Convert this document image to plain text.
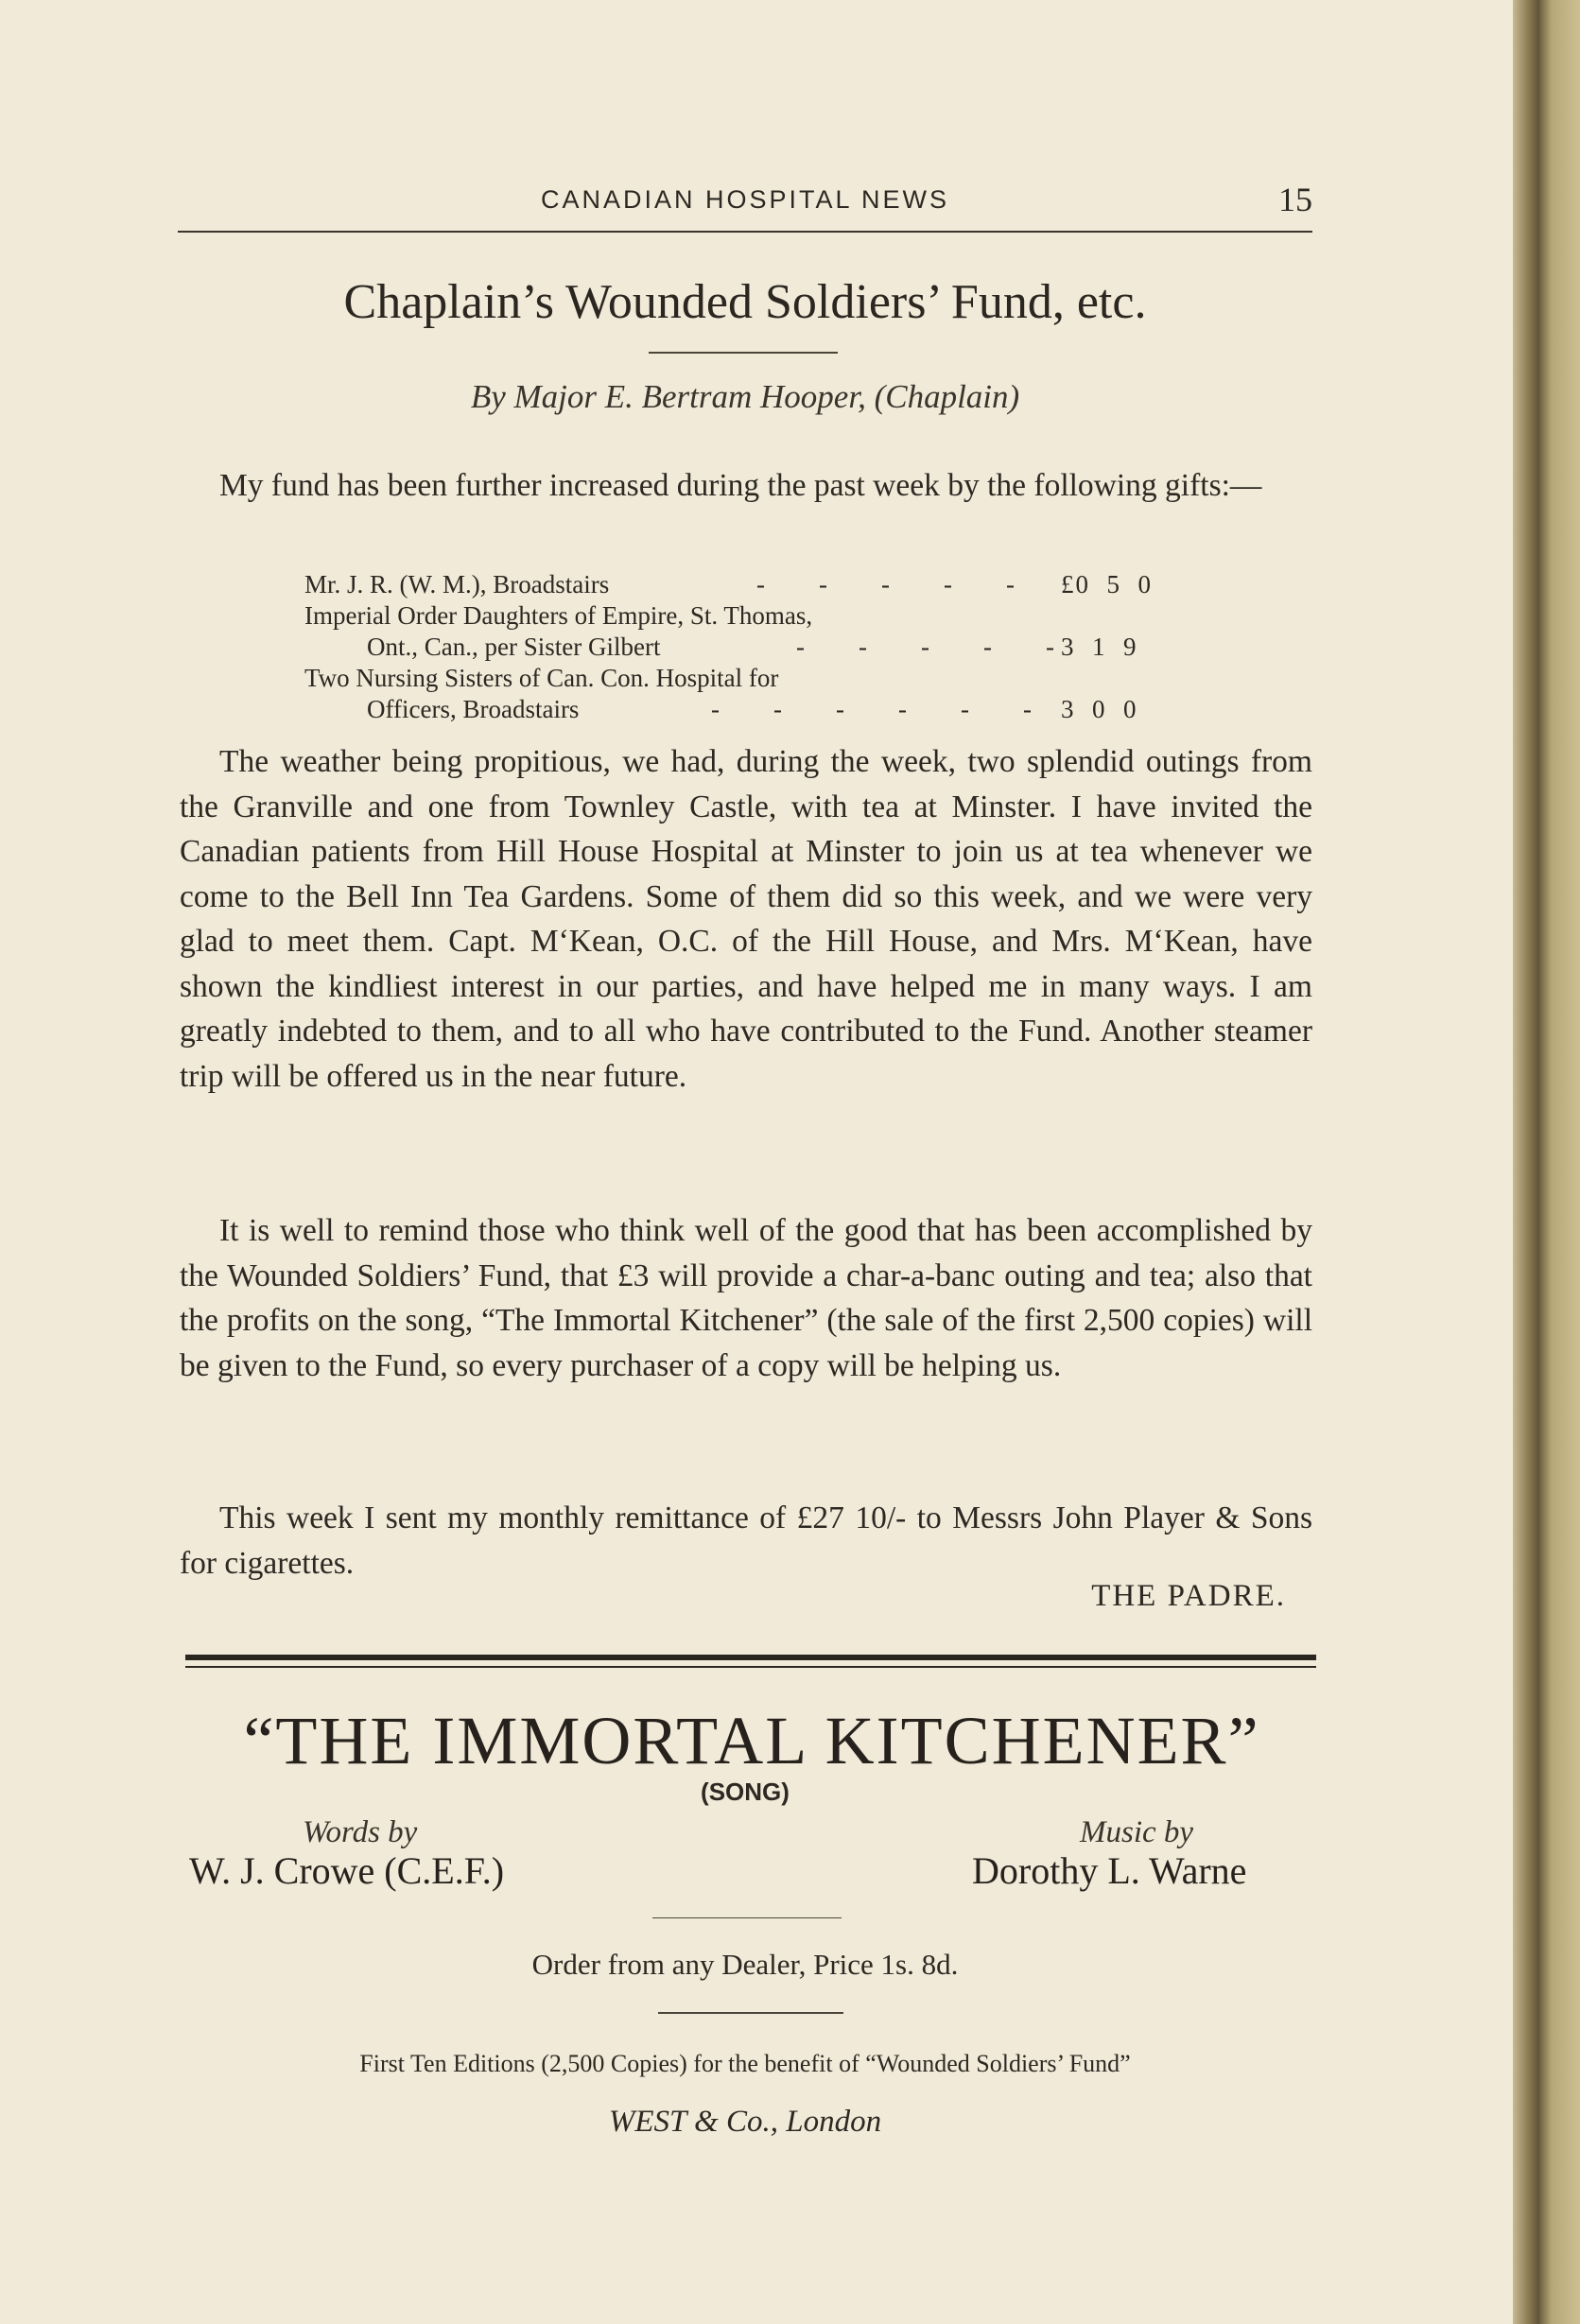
CANADIAN HOSPITAL NEWS	15
Chaplain’s Wounded Soldiers’ Fund, etc.
By Major E. Bertram Hooper, (Chaplain)

My fund has been further increased during the past week by the following gifts:—

Mr. J. R. (W. M.), Broadstairs	-    -    -    -    - £0  5  0
Imperial Order Daughters of Empire, St. Thomas,
Ont., Can., per Sister Gilbert	-    -    -    -    - 3  1  9
Two Nursing Sisters of Can. Con. Hospital for
Officers, Broadstairs	-    -    -    -    -    - 3  0  0

The weather being propitious, we had, during the week, two splendid outings from the Granville and one from Townley Castle, with tea at Minster. I have invited the Canadian patients from Hill House Hospital at Minster to join us at tea whenever we come to the Bell Inn Tea Gardens. Some of them did so this week, and we were very glad to meet them. Capt. M‘Kean, O.C. of the Hill House, and Mrs. M‘Kean, have shown the kindliest interest in our parties, and have helped me in many ways. I am greatly indebted to them, and to all who have contributed to the Fund. Another steamer trip will be offered us in the near future.

It is well to remind those who think well of the good that has been accomplished by the Wounded Soldiers’ Fund, that £3 will provide a char-a-banc outing and tea; also that the profits on the song, “The Immortal Kitchener” (the sale of the first 2,500 copies) will be given to the Fund, so every purchaser of a copy will be helping us.

This week I sent my monthly remittance of £27 10/- to Messrs John Player & Sons for cigarettes.

THE PADRE.
“THE IMMORTAL KITCHENER”
(SONG)
Words by
W. J. Crowe (C.E.F.)
Music by
Dorothy L. Warne
Order from any Dealer, Price 1s. 8d.
First Ten Editions (2,500 Copies) for the benefit of “Wounded Soldiers’ Fund”
WEST & Co., London
